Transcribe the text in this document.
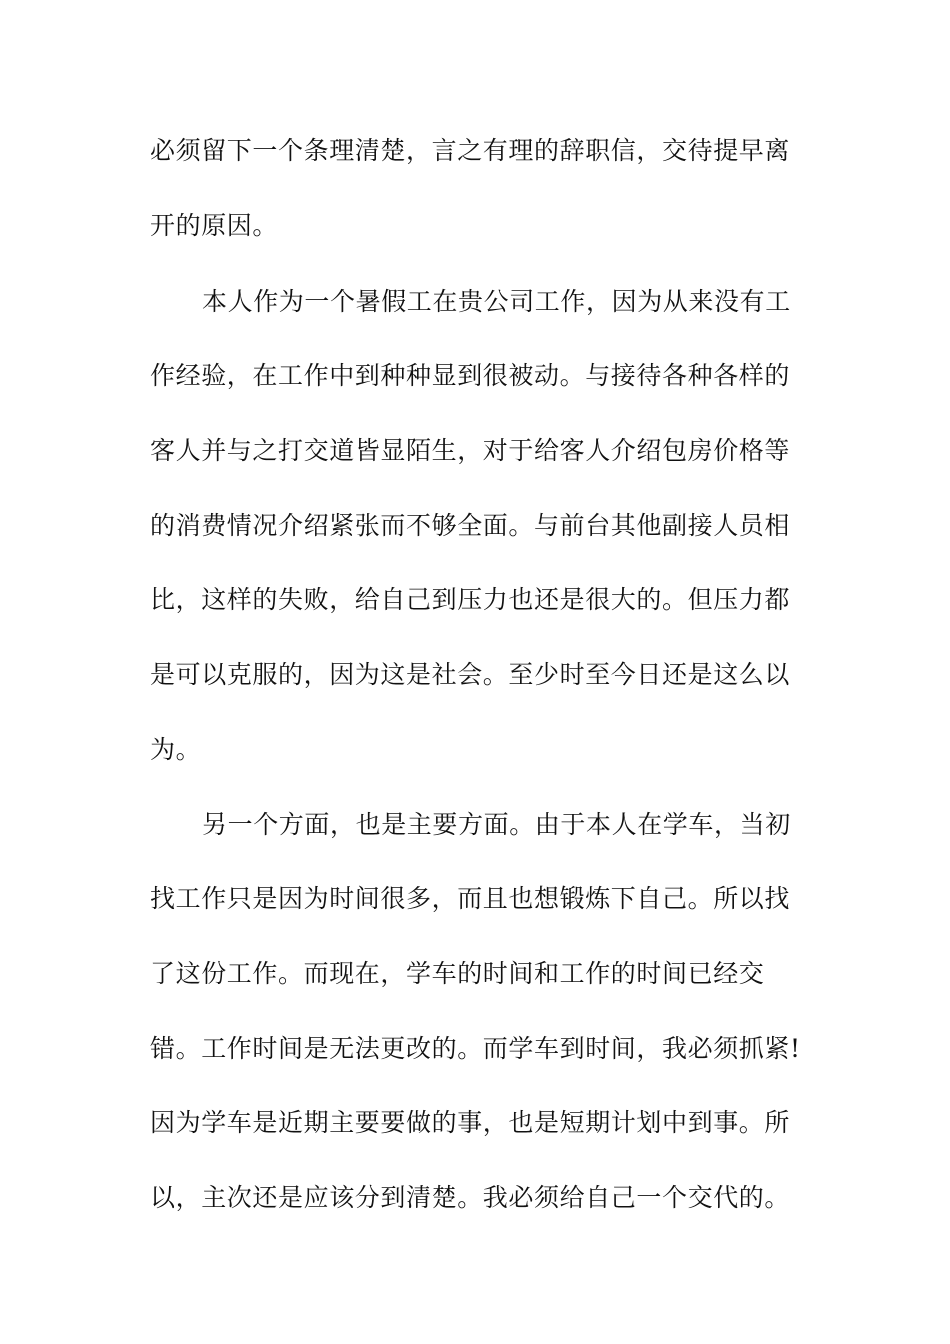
必须留下一个条理清楚，言之有理的辞职信，交待提早离
开的原因。
本人作为一个暑假工在贵公司工作，因为从来没有工
作经验，在工作中到种种显到很被动。与接待各种各样的
客人并与之打交道皆显陌生，对于给客人介绍包房价格等
的消费情况介绍紧张而不够全面。与前台其他副接人员相
比，这样的失败，给自己到压力也还是很大的。但压力都
是可以克服的，因为这是社会。至少时至今日还是这么以
为。
另一个方面，也是主要方面。由于本人在学车，当初
找工作只是因为时间很多，而且也想锻炼下自己。所以找
了这份工作。而现在，学车的时间和工作的时间已经交
错。工作时间是无法更改的。而学车到时间，我必须抓紧!
因为学车是近期主要要做的事，也是短期计划中到事。所
以，主次还是应该分到清楚。我必须给自己一个交代的。
